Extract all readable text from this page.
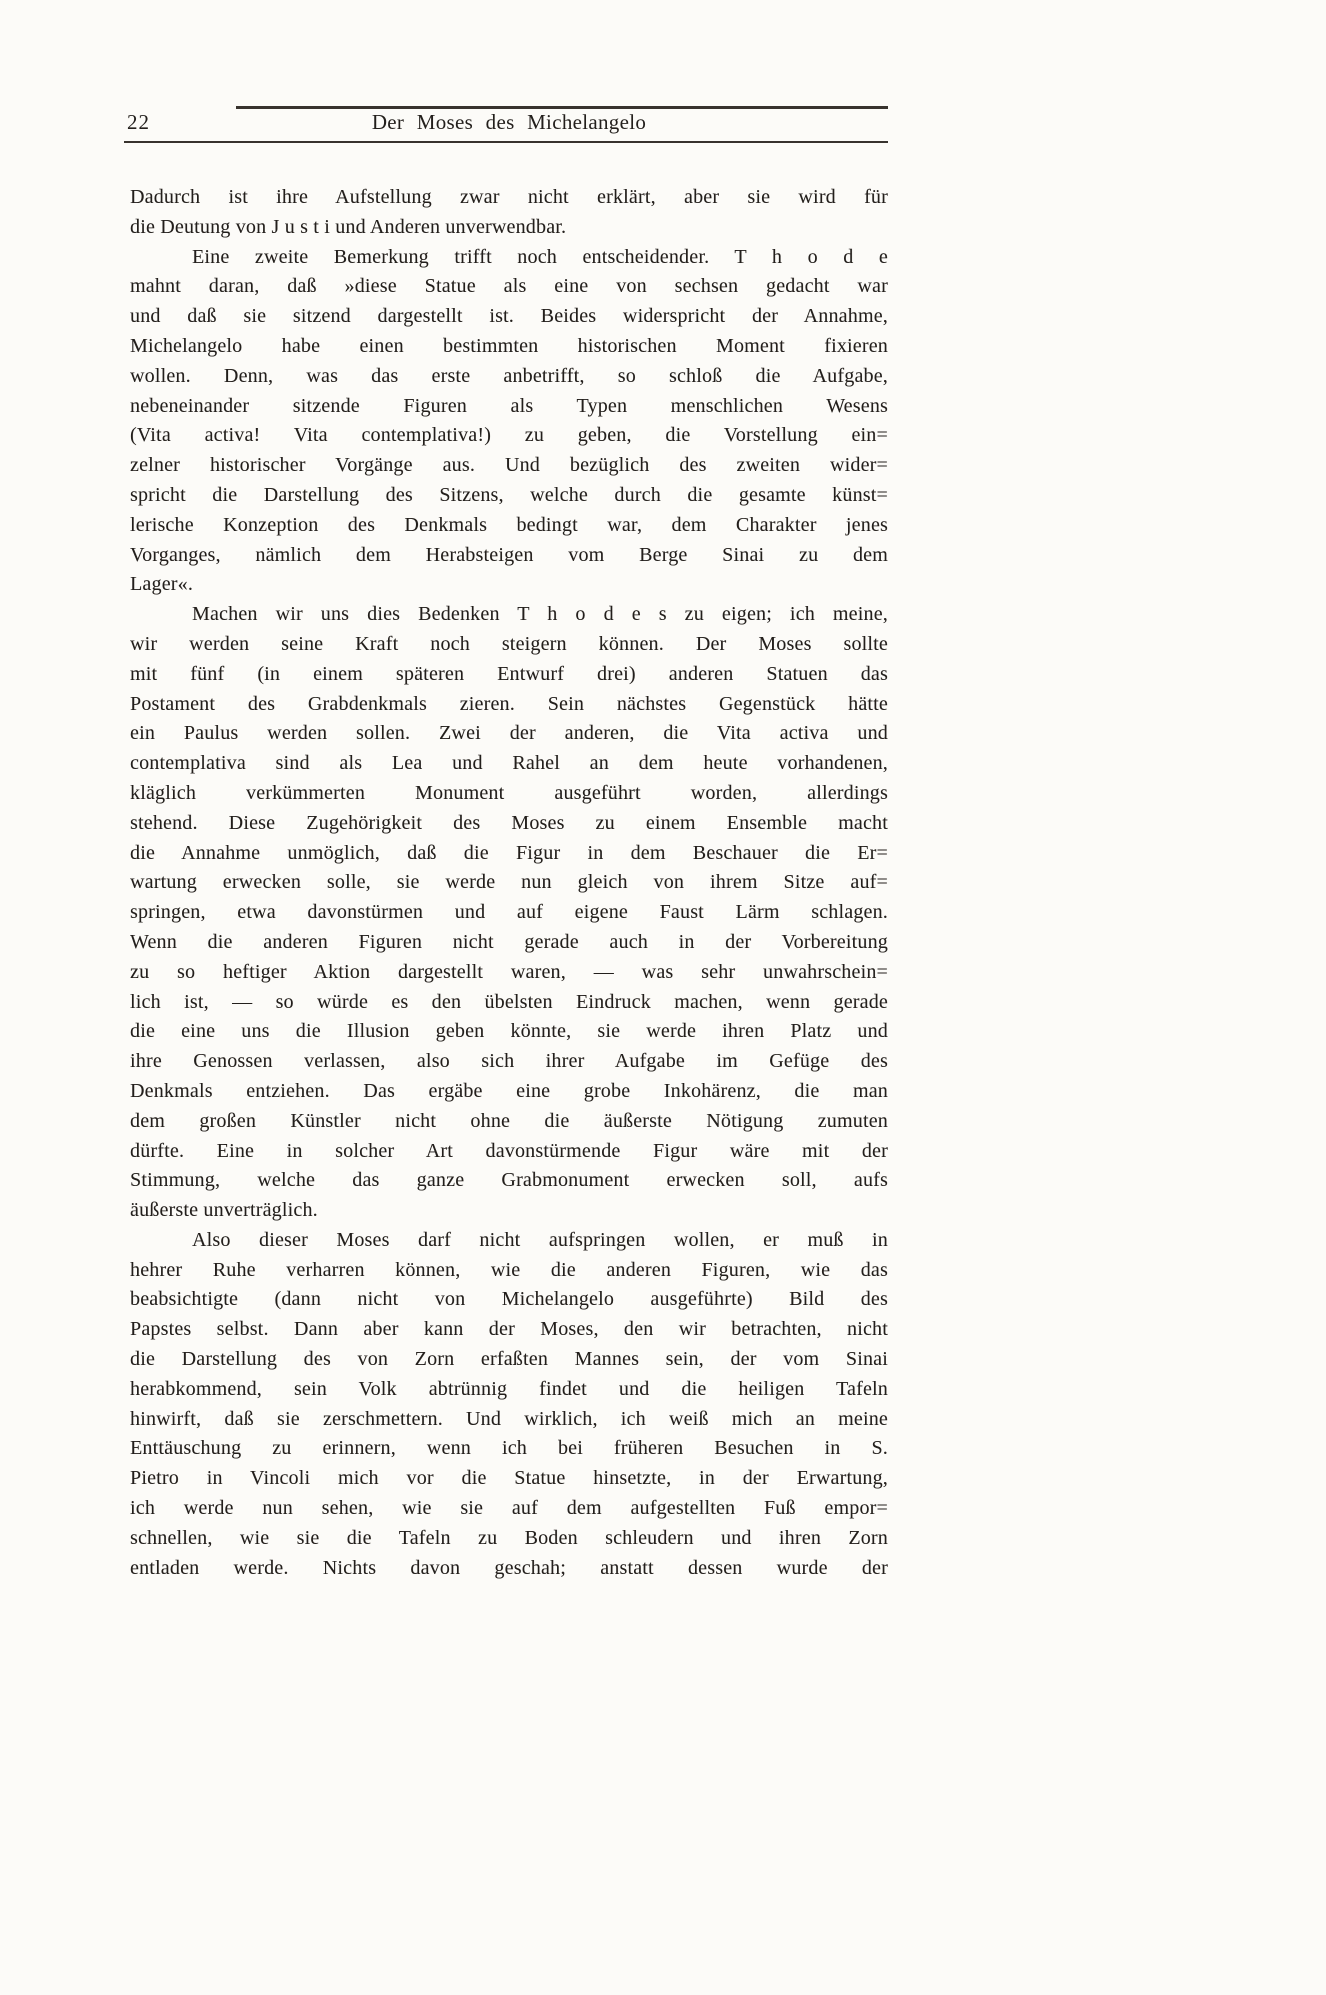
22	Der Moses des Michelangelo
Dadurch ist ihre Aufstellung zwar nicht erklärt, aber sie wird für
die Deutung von J u s t i und Anderen unverwendbar.
Eine zweite Bemerkung trifft noch entscheidender. T h o d e
mahnt daran, daß »diese Statue als eine von sechsen gedacht war
und daß sie sitzend dargestellt ist. Beides widerspricht der Annahme,
Michelangelo habe einen bestimmten historischen Moment fixieren
wollen. Denn, was das erste anbetrifft, so schloß die Aufgabe,
nebeneinander sitzende Figuren als Typen menschlichen Wesens
(Vita activa! Vita contemplativa!) zu geben, die Vorstellung ein=
zelner historischer Vorgänge aus. Und bezüglich des zweiten wider=
spricht die Darstellung des Sitzens, welche durch die gesamte künst=
lerische Konzeption des Denkmals bedingt war, dem Charakter jenes
Vorganges, nämlich dem Herabsteigen vom Berge Sinai zu dem
Lager«.
Machen wir uns dies Bedenken T h o d e s zu eigen; ich meine,
wir werden seine Kraft noch steigern können. Der Moses sollte
mit fünf (in einem späteren Entwurf drei) anderen Statuen das
Postament des Grabdenkmals zieren. Sein nächstes Gegenstück hätte
ein Paulus werden sollen. Zwei der anderen, die Vita activa und
contemplativa sind als Lea und Rahel an dem heute vorhandenen,
kläglich verkümmerten Monument ausgeführt worden, allerdings
stehend. Diese Zugehörigkeit des Moses zu einem Ensemble macht
die Annahme unmöglich, daß die Figur in dem Beschauer die Er=
wartung erwecken solle, sie werde nun gleich von ihrem Sitze auf=
springen, etwa davonstürmen und auf eigene Faust Lärm schlagen.
Wenn die anderen Figuren nicht gerade auch in der Vorbereitung
zu so heftiger Aktion dargestellt waren, — was sehr unwahrschein=
lich ist, — so würde es den übelsten Eindruck machen, wenn gerade
die eine uns die Illusion geben könnte, sie werde ihren Platz und
ihre Genossen verlassen, also sich ihrer Aufgabe im Gefüge des
Denkmals entziehen. Das ergäbe eine grobe Inkohärenz, die man
dem großen Künstler nicht ohne die äußerste Nötigung zumuten
dürfte. Eine in solcher Art davonstürmende Figur wäre mit der
Stimmung, welche das ganze Grabmonument erwecken soll, aufs
äußerste unverträglich.
Also dieser Moses darf nicht aufspringen wollen, er muß in
hehrer Ruhe verharren können, wie die anderen Figuren, wie das
beabsichtigte (dann nicht von Michelangelo ausgeführte) Bild des
Papstes selbst. Dann aber kann der Moses, den wir betrachten, nicht
die Darstellung des von Zorn erfaßten Mannes sein, der vom Sinai
herabkommend, sein Volk abtrünnig findet und die heiligen Tafeln
hinwirft, daß sie zerschmettern. Und wirklich, ich weiß mich an meine
Enttäuschung zu erinnern, wenn ich bei früheren Besuchen in S.
Pietro in Vincoli mich vor die Statue hinsetzte, in der Erwartung,
ich werde nun sehen, wie sie auf dem aufgestellten Fuß empor=
schnellen, wie sie die Tafeln zu Boden schleudern und ihren Zorn
entladen werde. Nichts davon geschah; anstatt dessen wurde der
